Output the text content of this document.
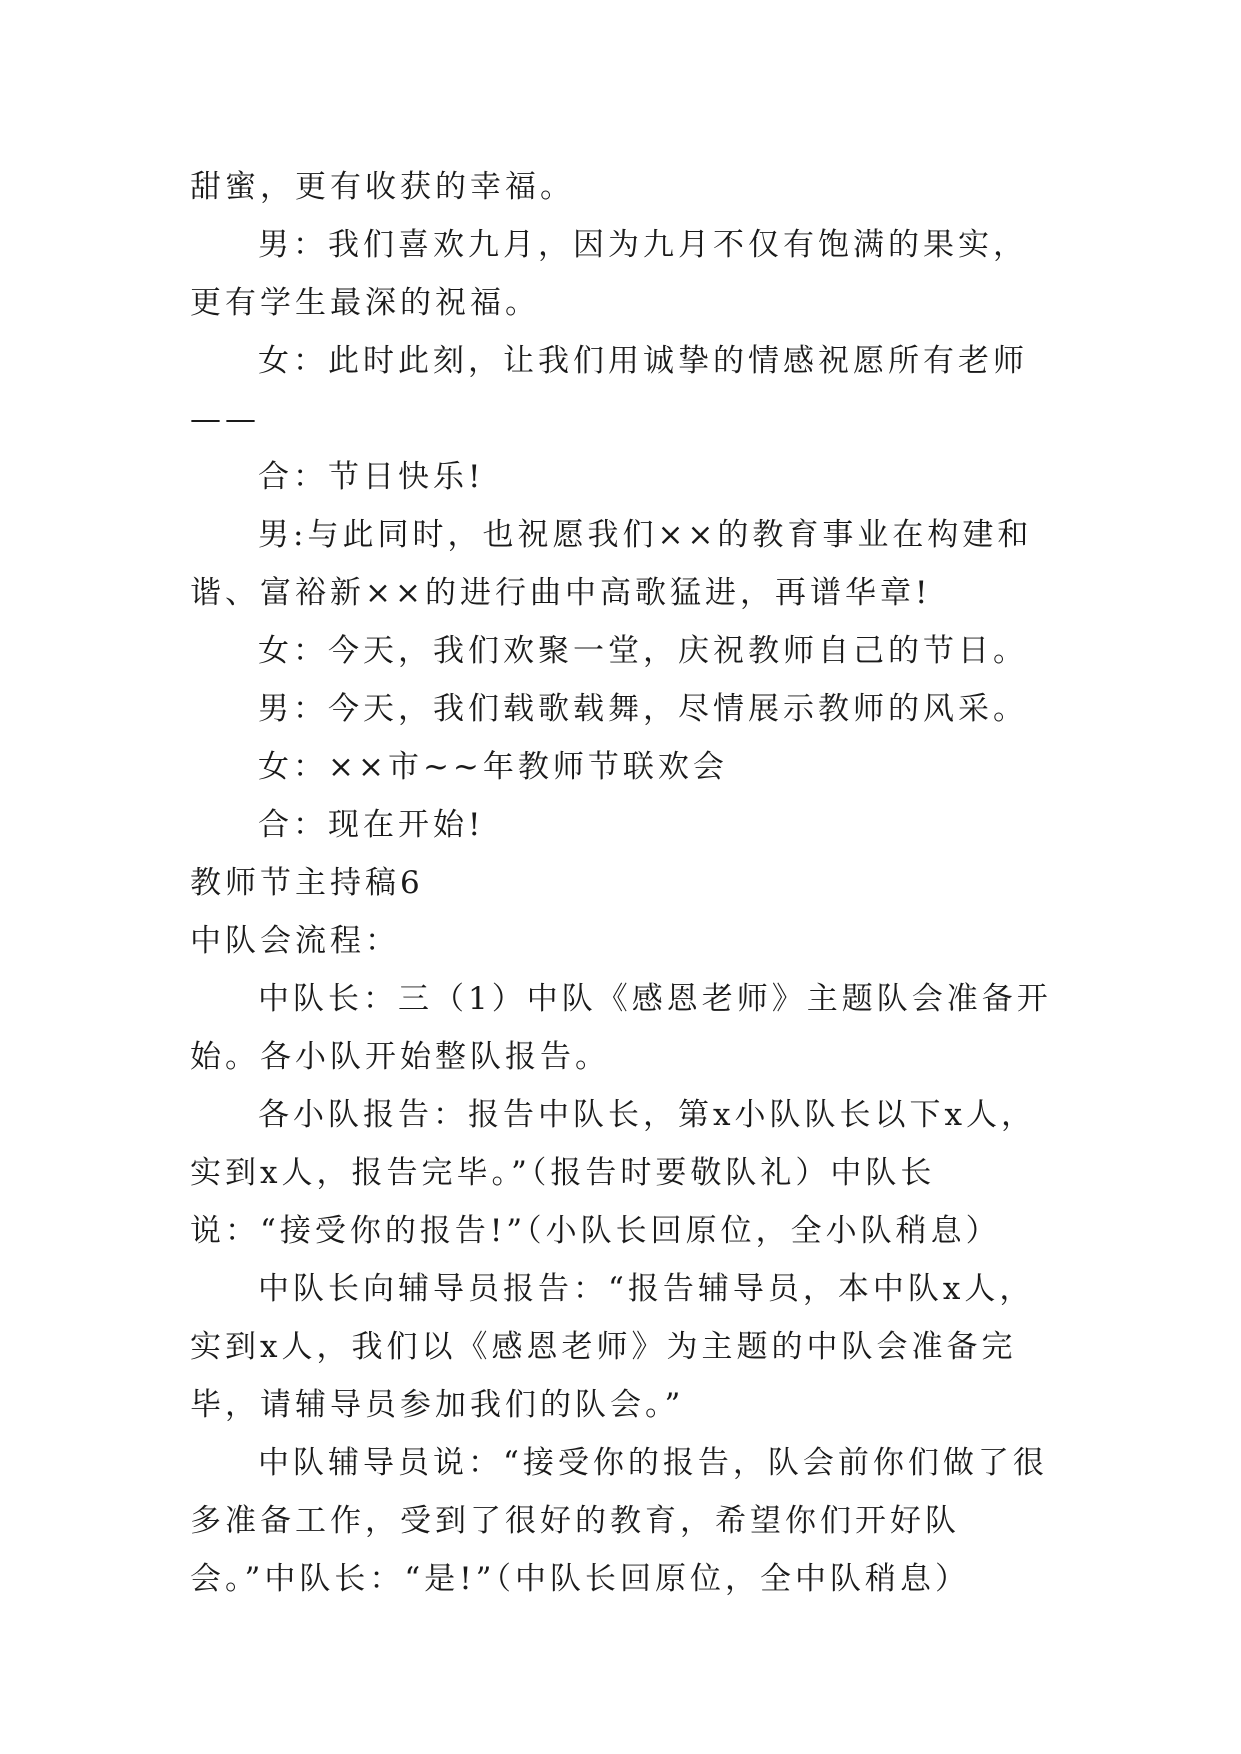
甜蜜，更有收获的幸福。

男：我们喜欢九月，因为九月不仅有饱满的果实，更有学生最深的祝福。

女：此时此刻，让我们用诚挚的情感祝愿所有老师——

合：节日快乐!

男:与此同时，也祝愿我们××的教育事业在构建和谐、富裕新××的进行曲中高歌猛进，再谱华章!

女：今天，我们欢聚一堂，庆祝教师自己的节日。

男：今天，我们载歌载舞，尽情展示教师的风采。

女：××市~~年教师节联欢会

合：现在开始!

教师节主持稿6

中队会流程：

中队长：三（1）中队《感恩老师》主题队会准备开始。各小队开始整队报告。

各小队报告：报告中队长，第x小队队长以下x人，实到x人，报告完毕。”（报告时要敬队礼）中队长说：“接受你的报告!”（小队长回原位，全小队稍息）

中队长向辅导员报告：“报告辅导员，本中队x人，实到x人，我们以《感恩老师》为主题的中队会准备完毕，请辅导员参加我们的队会。”

中队辅导员说：“接受你的报告，队会前你们做了很多准备工作，受到了很好的教育，希望你们开好队会。”中队长：“是!”（中队长回原位，全中队稍息）
